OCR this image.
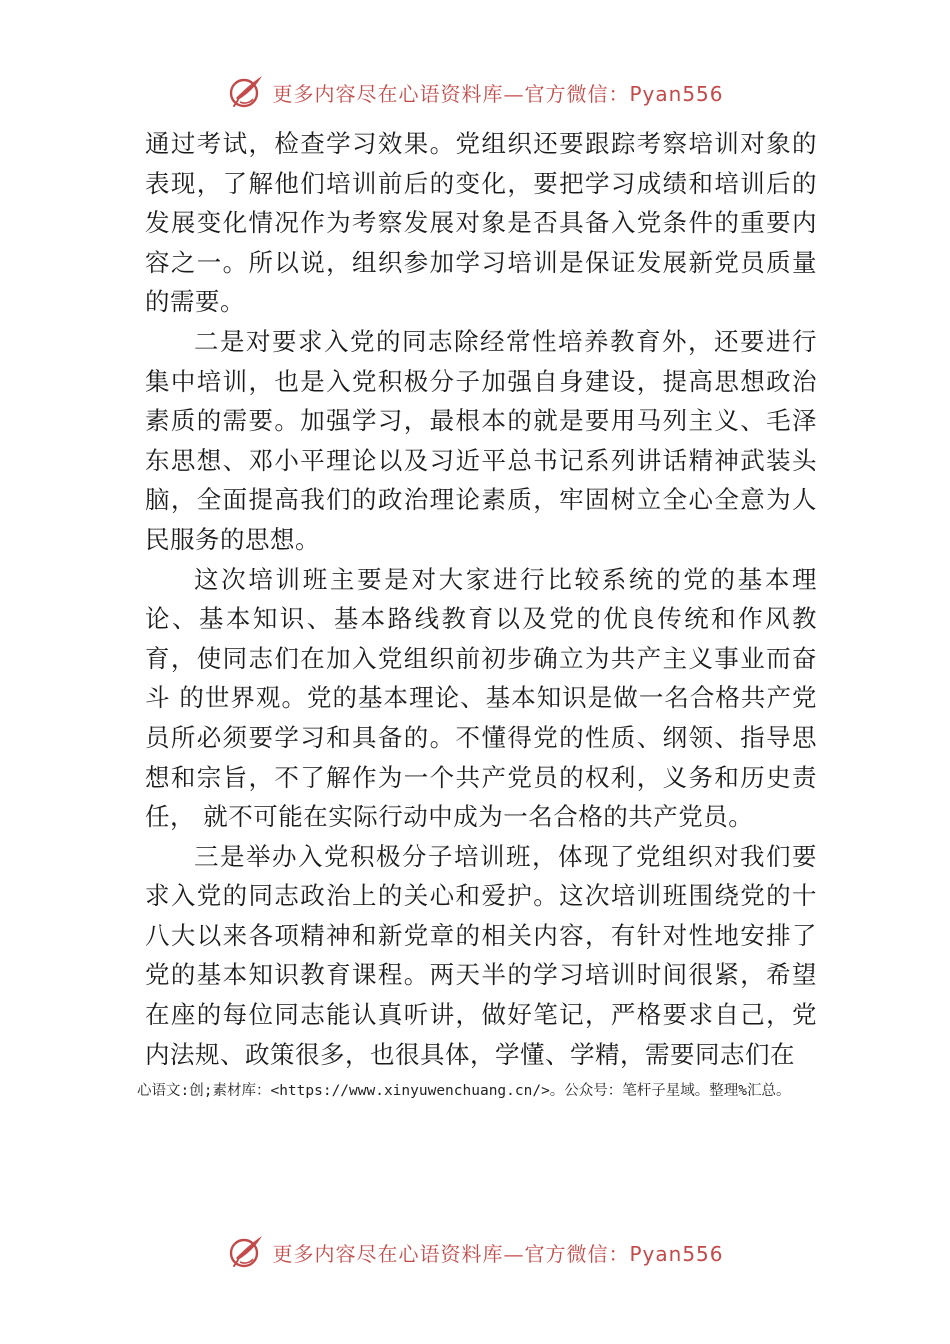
更多内容尽在心语资料库—官方微信：Pyan556

通过考试，检查学习效果。党组织还要跟踪考察培训对象的表现，了解他们培训前后的变化，要把学习成绩和培训后的发展变化情况作为考察发展对象是否具备入党条件的重要内容之一。所以说，组织参加学习培训是保证发展新党员质量的需要。

二是对要求入党的同志除经常性培养教育外，还要进行集中培训，也是入党积极分子加强自身建设，提高思想政治素质的需要。加强学习，最根本的就是要用马列主义、毛泽东思想、邓小平理论以及习近平总书记系列讲话精神武装头脑，全面提高我们的政治理论素质，牢固树立全心全意为人民服务的思想。

这次培训班主要是对大家进行比较系统的党的基本理论、基本知识、基本路线教育以及党的优良传统和作风教育，使同志们在加入党组织前初步确立为共产主义事业而奋斗 的世界观。党的基本理论、基本知识是做一名合格共产党员所必须要学习和具备的。不懂得党的性质、纲领、指导思想和宗旨，不了解作为一个共产党员的权利，义务和历史责任， 就不可能在实际行动中成为一名合格的共产党员。

三是举办入党积极分子培训班，体现了党组织对我们要求入党的同志政治上的关心和爱护。这次培训班围绕党的十八大以来各项精神和新党章的相关内容，有针对性地安排了党的基本知识教育课程。两天半的学习培训时间很紧，希望在座的每位同志能认真听讲，做好笔记，严格要求自己，党内法规、政策很多，也很具体，学懂、学精，需要同志们在

心语文:创;素材库：<https://www.xinyuwenchuang.cn/>。公众号：笔杆子星域。整理%汇总。
更多内容尽在心语资料库—官方微信：Pyan556
